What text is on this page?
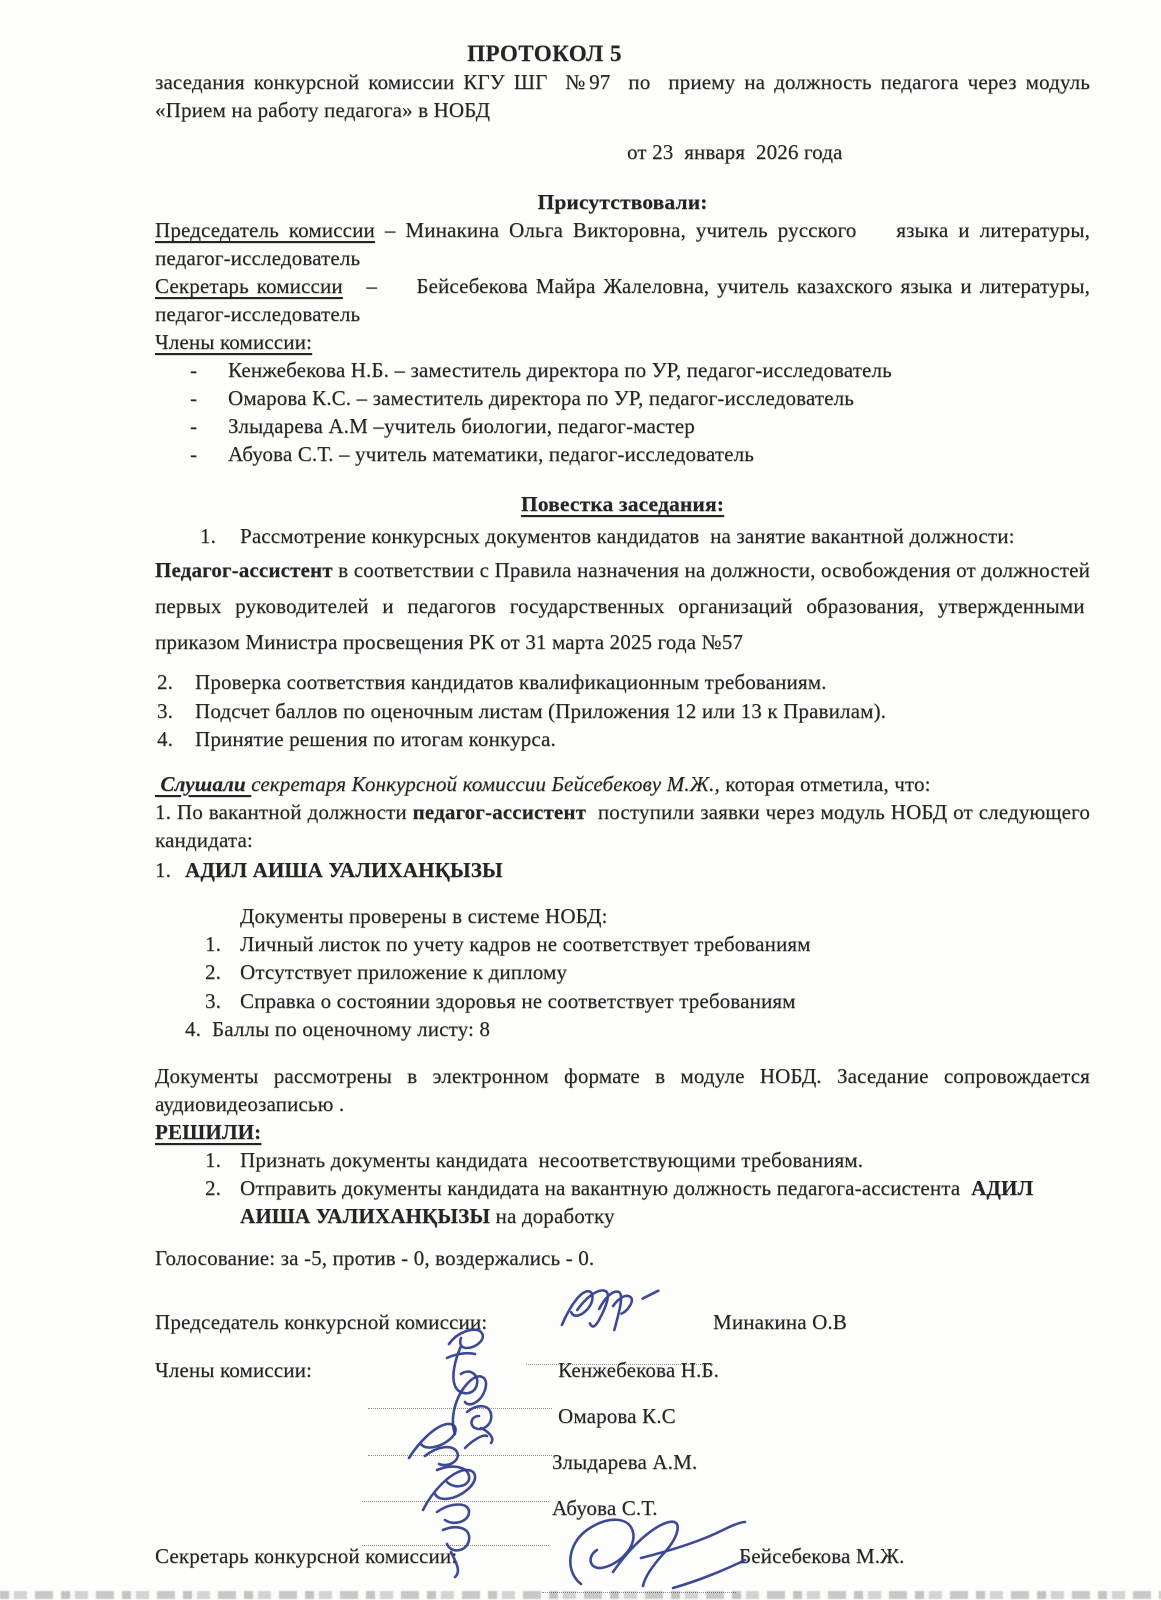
ПРОТОКОЛ 5

заседания конкурсной комиссии КГУ ШГ  №97  по  приему на должность педагога через модуль «Прием на работу педагога» в НОБД

от 23  января  2026 года

Присутствовали:

Председатель комиссии – Минакина Ольга Викторовна, учитель русского    языка и литературы, педагог-исследователь

Секретарь комиссии   –     Бейсебекова Майра Жалеловна, учитель казахского языка и литературы, педагог-исследователь

Члены комиссии:

-	Кенжебекова Н.Б. – заместитель директора по УР, педагог-исследователь
-	Омарова К.С. – заместитель директора по УР, педагог-исследователь
-	Злыдарева А.М –учитель биологии, педагог-мастер
-	Абуова С.Т. – учитель математики, педагог-исследователь

Повестка заседания:

1.	Рассмотрение конкурсных документов кандидатов  на занятие вакантной должности:

Педагог-ассистент в соответствии с Правила назначения на должности, освобождения от должностей первых руководителей и педагогов государственных организаций образования, утвержденными  приказом Министра просвещения РК от 31 марта 2025 года №57

2.	Проверка соответствия кандидатов квалификационным требованиям.
3.	Подсчет баллов по оценочным листам (Приложения 12 или 13 к Правилам).
4.	Принятие решения по итогам конкурса.

Слушали секретаря Конкурсной комиссии Бейсебекову М.Ж., которая отметила, что:

1. По вакантной должности педагог-ассистент  поступили заявки через модуль НОБД от следующего кандидата:

1. АДИЛ АИША УАЛИХАНҚЫЗЫ

Документы проверены в системе НОБД:

1. Личный листок по учету кадров не соответствует требованиям
2. Отсутствует приложение к диплому
3. Справка о состоянии здоровья не соответствует требованиям
4. Баллы по оценочному листу: 8

Документы рассмотрены в электронном формате в модуле НОБД. Заседание сопровождается аудиовидеозаписью .

РЕШИЛИ:

1. Признать документы кандидата  несоответствующими требованиям.
2. Отправить документы кандидата на вакантную должность педагога-ассистента  АДИЛ
АИША УАЛИХАНҚЫЗЫ на доработку

Голосование: за -5, против - 0, воздержались - 0.

Председатель конкурсной комиссии:	Минакина О.В
Члены комиссии:	Кенжебекова Н.Б.
Омарова К.С
Злыдарева А.М.
Абуова С.Т.
Секретарь конкурсной комиссии:	Бейсебекова М.Ж.
